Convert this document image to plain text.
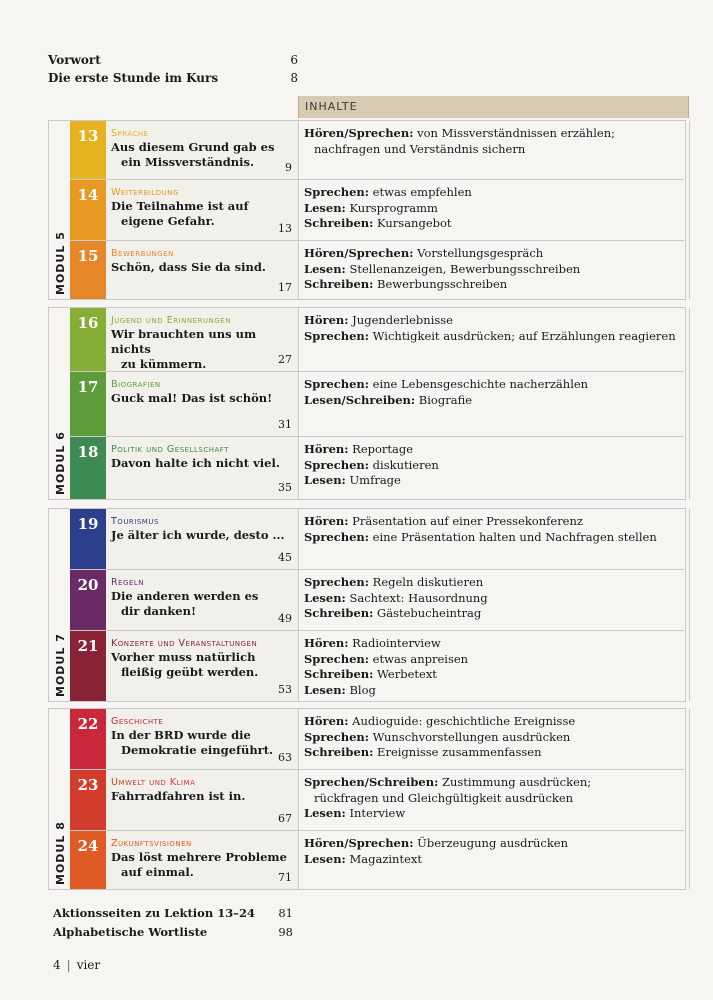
Vorwort	6
Die erste Stunde im Kurs	8
INHALTE
MODUL 5
13	Sprache
Aus diesem Grund gab es
ein Missverständnis.	9
Hören/Sprechen: von Missverständnissen erzählen;
nachfragen und Verständnis sichern
14	Weiterbildung
Die Teilnahme ist auf
eigene Gefahr.
13
Sprechen: etwas empfehlen
Lesen: Kursprogramm
Schreiben: Kursangebot
15	Bewerbungen
Schön, dass Sie da sind.
17
Hören/Sprechen: Vorstellungsgespräch
Lesen: Stellenanzeigen, Bewerbungsschreiben
Schreiben: Bewerbungsschreiben
MODUL 6
16	Jugend und Erinnerungen
Wir brauchten uns um nichts
zu kümmern.	27
Hören: Jugenderlebnisse
Sprechen: Wichtigkeit ausdrücken; auf Erzählungen reagieren
17	Biografien
Guck mal! Das ist schön!
31
Sprechen: eine Lebensgeschichte nacherzählen
Lesen/Schreiben: Biografie
18	Politik und Gesellschaft
Davon halte ich nicht viel.
35
Hören: Reportage
Sprechen: diskutieren
Lesen: Umfrage
MODUL 7
19	Tourismus
Je älter ich wurde, desto ...
45
Hören: Präsentation auf einer Pressekonferenz
Sprechen: eine Präsentation halten und Nachfragen stellen
20	Regeln
Die anderen werden es
dir danken!
49
Sprechen: Regeln diskutieren
Lesen: Sachtext: Hausordnung
Schreiben: Gästebucheintrag
21	Konzerte und Veranstaltungen
Vorher muss natürlich
fleißig geübt werden.
53
Hören: Radiointerview
Sprechen: etwas anpreisen
Schreiben: Werbetext
Lesen: Blog
MODUL 8
22	Geschichte
In der BRD wurde die
Demokratie eingeführt.
63
Hören: Audioguide: geschichtliche Ereignisse
Sprechen: Wunschvorstellungen ausdrücken
Schreiben: Ereignisse zusammenfassen
23	Umwelt und Klima
Fahrradfahren ist in.
67
Sprechen/Schreiben: Zustimmung ausdrücken;
rückfragen und Gleichgültigkeit ausdrücken
Lesen: Interview
24	Zukunftsvisionen
Das löst mehrere Probleme
auf einmal.	71
Hören/Sprechen: Überzeugung ausdrücken
Lesen: Magazintext
Aktionsseiten zu Lektion 13–24 81
Alphabetische Wortliste	98
4 | vier
